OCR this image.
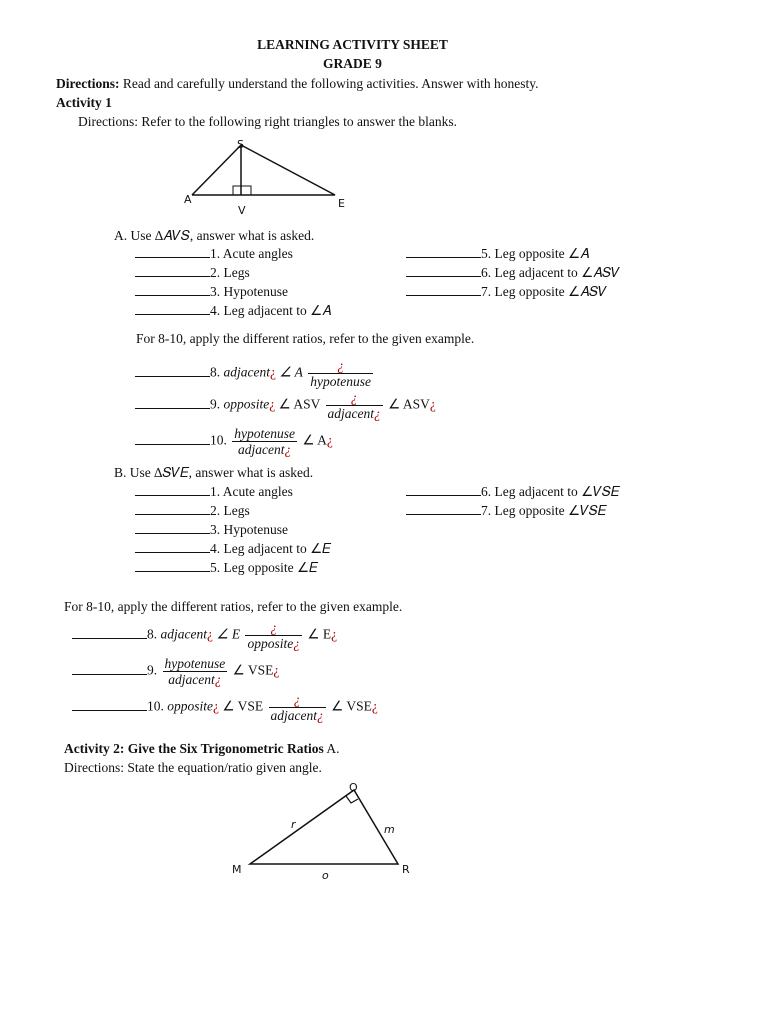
LEARNING ACTIVITY SHEET
GRADE 9
Directions: Read and carefully understand the following activities. Answer with honesty.
Activity 1
Directions: Refer to the following right triangles to answer the blanks.
S
A
V
E
A. Use ∆𝐴𝑉𝑆, answer what is asked.
1. Acute angles
2. Legs
3. Hypotenuse
4. Leg adjacent to ∠𝐴
5. Leg opposite ∠𝐴
6. Leg adjacent to ∠𝐴𝑆𝑉
7. Leg opposite ∠𝐴𝑆𝑉
For 8-10, apply the different ratios, refer to the given example.
8. adjacent¿ ∠ A $\frac{¿}{\text{hypotenuse}}$
9. opposite¿ ∠ ASV $\frac{¿}{\text{adjacent¿}}$ ∠ ASV¿
10. $\frac{\text{hypotenuse}}{\text{adjacent¿}}$ ∠ A¿
B. Use ∆𝑆𝑉𝐸, answer what is asked.
1. Acute angles
2. Legs
3. Hypotenuse
4. Leg adjacent to ∠𝐸
5. Leg opposite ∠𝐸
6. Leg adjacent to ∠𝑉𝑆𝐸
7. Leg opposite ∠𝑉𝑆𝐸
For 8-10, apply the different ratios, refer to the given example.
8. adjacent¿ ∠ E $\frac{¿}{\text{opposite¿}}$ ∠ E¿
9. $\frac{\text{hypotenuse}}{\text{adjacent¿}}$ ∠ VSE¿
10. opposite¿ ∠ VSE $\frac{¿}{\text{adjacent¿}}$ ∠ VSE¿
Activity 2: Give the Six Trigonometric Ratios A.
Directions: State the equation/ratio given angle.
O
M	R
r	m
o
